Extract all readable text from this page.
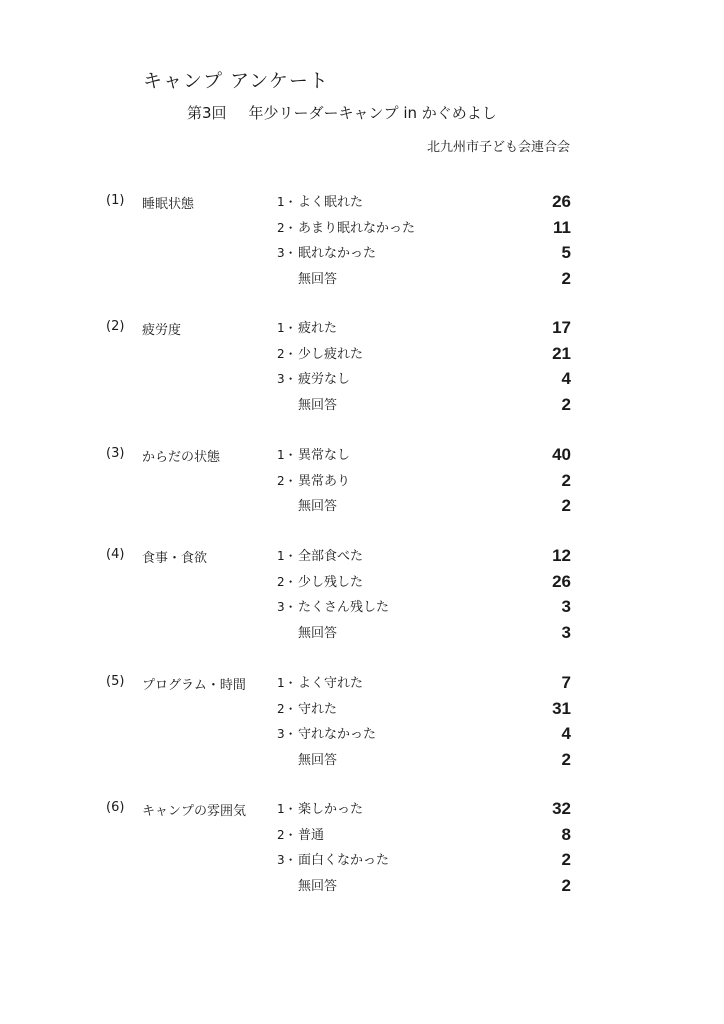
キャンプ アンケート
第3回 年少リーダーキャンプ in かぐめよし
北九州市子ども会連合会
(1) 睡眠状態	1・ よく眠れた	26
2・ あまり眠れなかった	11
3・ 眠れなかった	5
無回答	2
(2) 疲労度	1・ 疲れた	17
2・ 少し疲れた	21
3・ 疲労なし	4
無回答	2
(3) からだの状態	1・ 異常なし	40
2・ 異常あり	2
無回答	2
(4) 食事・食欲	1・ 全部食べた	12
2・ 少し残した	26
3・ たくさん残した	3
無回答	3
(5) プログラム・時間	1・ よく守れた	7
2・ 守れた	31
3・ 守れなかった	4
無回答	2
(6) キャンプの雰囲気	1・ 楽しかった	32
2・ 普通	8
3・ 面白くなかった	2
無回答	2
